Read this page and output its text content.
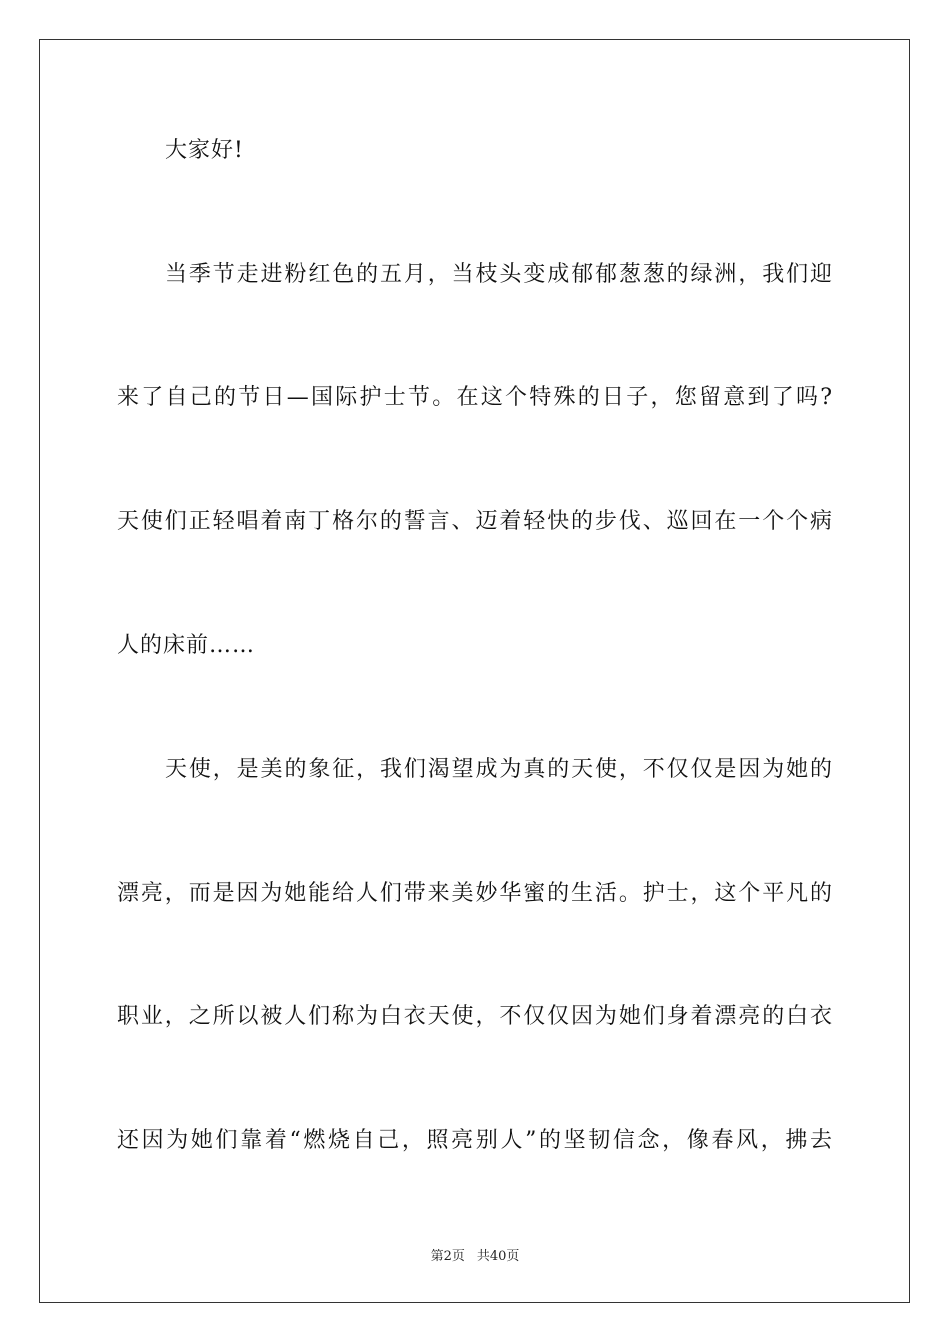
大家好!
当季节走进粉红色的五月，当枝头变成郁郁葱葱的绿洲，我们迎
来了自己的节日—国际护士节。在这个特殊的日子，您留意到了吗?
天使们正轻唱着南丁格尔的誓言、迈着轻快的步伐、巡回在一个个病
人的床前……
天使，是美的象征，我们渴望成为真的天使，不仅仅是因为她的
漂亮，而是因为她能给人们带来美妙华蜜的生活。护士，这个平凡的
职业，之所以被人们称为白衣天使，不仅仅因为她们身着漂亮的白衣
还因为她们靠着“燃烧自己，照亮别人”的坚韧信念，像春风，拂去
第2页 共40页
